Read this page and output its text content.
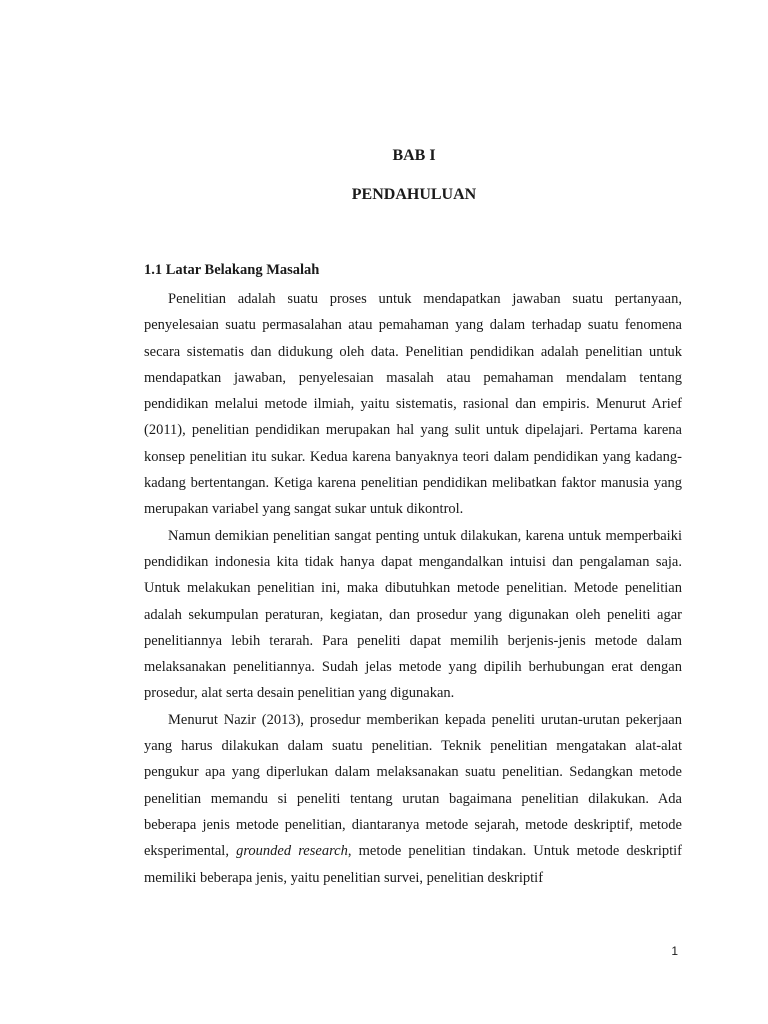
BAB I
PENDAHULUAN
1.1 Latar Belakang Masalah

Penelitian adalah suatu proses untuk mendapatkan jawaban suatu pertanyaan, penyelesaian suatu permasalahan atau pemahaman yang dalam terhadap suatu fenomena secara sistematis dan didukung oleh data. Penelitian pendidikan adalah penelitian untuk mendapatkan jawaban, penyelesaian masalah atau pemahaman mendalam tentang pendidikan melalui metode ilmiah, yaitu sistematis, rasional dan empiris. Menurut Arief (2011), penelitian pendidikan merupakan hal yang sulit untuk dipelajari. Pertama karena konsep penelitian itu sukar. Kedua karena banyaknya teori dalam pendidikan yang kadang-kadang bertentangan. Ketiga karena penelitian pendidikan melibatkan faktor manusia yang merupakan variabel yang sangat sukar untuk dikontrol.

Namun demikian penelitian sangat penting untuk dilakukan, karena untuk memperbaiki pendidikan indonesia kita tidak hanya dapat mengandalkan intuisi dan pengalaman saja. Untuk melakukan penelitian ini, maka dibutuhkan metode penelitian. Metode penelitian adalah sekumpulan peraturan, kegiatan, dan prosedur yang digunakan oleh peneliti agar penelitiannya lebih terarah. Para peneliti dapat memilih berjenis-jenis metode dalam melaksanakan penelitiannya. Sudah jelas metode yang dipilih berhubungan erat dengan prosedur, alat serta desain penelitian yang digunakan.

Menurut Nazir (2013), prosedur memberikan kepada peneliti urutan-urutan pekerjaan yang harus dilakukan dalam suatu penelitian. Teknik penelitian mengatakan alat-alat pengukur apa yang diperlukan dalam melaksanakan suatu penelitian. Sedangkan metode penelitian memandu si peneliti tentang urutan bagaimana penelitian dilakukan. Ada beberapa jenis metode penelitian, diantaranya metode sejarah, metode deskriptif, metode eksperimental, grounded research, metode penelitian tindakan. Untuk metode deskriptif memiliki beberapa jenis, yaitu penelitian survei, penelitian deskriptif

1
